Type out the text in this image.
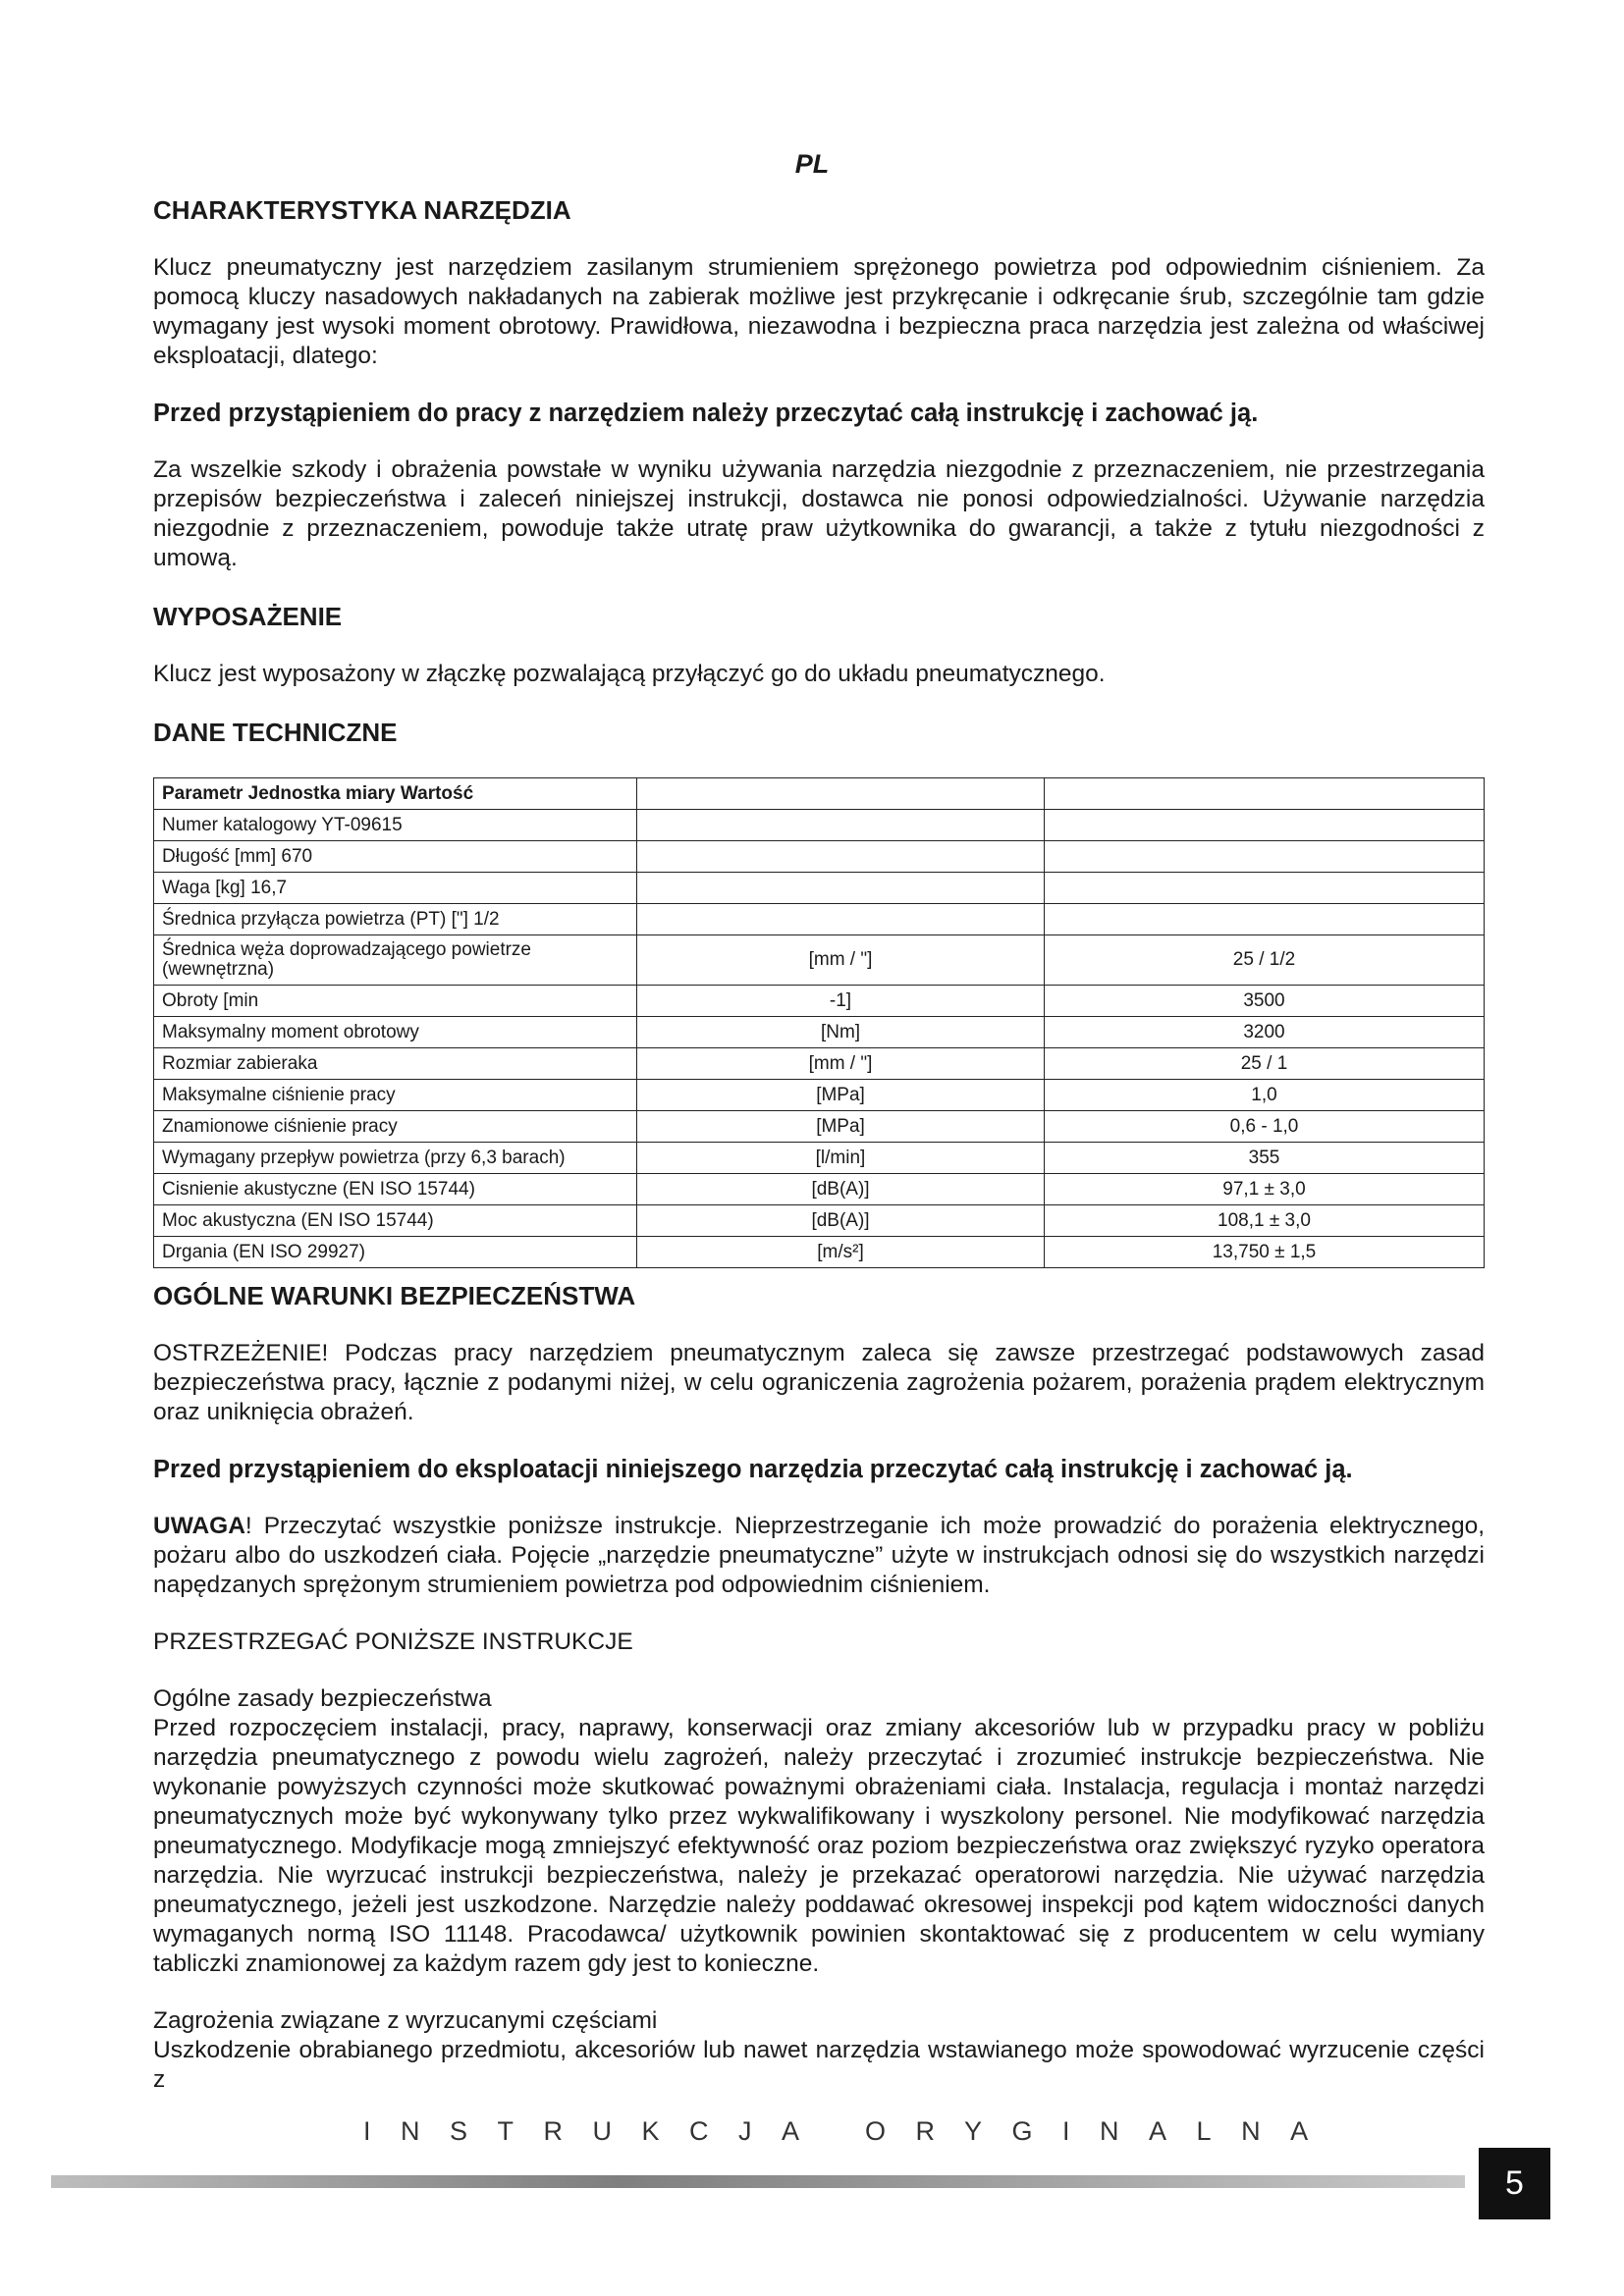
PL

CHARAKTERYSTYKA NARZĘDZIA

Klucz pneumatyczny jest narzędziem zasilanym strumieniem sprężonego powietrza pod odpowiednim ciśnieniem. Za pomocą kluczy nasadowych nakładanych na zabierak możliwe jest przykręcanie i odkręcanie śrub, szczególnie tam gdzie wymagany jest wysoki moment obrotowy. Prawidłowa, niezawodna i bezpieczna praca narzędzia jest zależna od właściwej eksploatacji, dlatego:

Przed przystąpieniem do pracy z narzędziem należy przeczytać całą instrukcję i zachować ją.

Za wszelkie szkody i obrażenia powstałe w wyniku używania narzędzia niezgodnie z przeznaczeniem, nie przestrzegania przepisów bezpieczeństwa i zaleceń niniejszej instrukcji, dostawca nie ponosi odpowiedzialności. Używanie narzędzia niezgodnie z przeznaczeniem, powoduje także utratę praw użytkownika do gwarancji, a także z tytułu niezgodności z umową.

WYPOSAŻENIE

Klucz jest wyposażony w złączkę pozwalającą przyłączyć go do układu pneumatycznego.

DANE TECHNICZNE

Parametr Jednostka miary Wartość		
Numer katalogowy YT-09615		
Długość [mm] 670		
Waga [kg] 16,7		
Średnica przyłącza powietrza (PT) ["] 1/2		
Średnica węża doprowadzającego powietrze (wewnętrzna)	[mm / "]	25 / 1/2
Obroty [min	-1]	3500
Maksymalny moment obrotowy	[Nm]	3200
Rozmiar zabieraka	[mm / "]	25 / 1
Maksymalne ciśnienie pracy	[MPa]	1,0
Znamionowe ciśnienie pracy	[MPa]	0,6 - 1,0
Wymagany przepływ powietrza (przy 6,3 barach)	[l/min]	355
Cisnienie akustyczne (EN ISO 15744)	[dB(A)]	97,1 ± 3,0
Moc akustyczna (EN ISO 15744)	[dB(A)]	108,1 ± 3,0
Drgania (EN ISO 29927)	[m/s²]	13,750 ± 1,5

OGÓLNE WARUNKI BEZPIECZEŃSTWA

OSTRZEŻENIE! Podczas pracy narzędziem pneumatycznym zaleca się zawsze przestrzegać podstawowych zasad bezpieczeństwa pracy, łącznie z podanymi niżej, w celu ograniczenia zagrożenia pożarem, porażenia prądem elektrycznym oraz uniknięcia obrażeń.

Przed przystąpieniem do eksploatacji niniejszego narzędzia przeczytać całą instrukcję i zachować ją.

UWAGA! Przeczytać wszystkie poniższe instrukcje. Nieprzestrzeganie ich może prowadzić do porażenia elektrycznego, pożaru albo do uszkodzeń ciała. Pojęcie „narzędzie pneumatyczne” użyte w instrukcjach odnosi się do wszystkich narzędzi napędzanych sprężonym strumieniem powietrza pod odpowiednim ciśnieniem.

PRZESTRZEGAĆ PONIŻSZE INSTRUKCJE

Ogólne zasady bezpieczeństwa

Przed rozpoczęciem instalacji, pracy, naprawy, konserwacji oraz zmiany akcesoriów lub w przypadku pracy w pobliżu narzędzia pneumatycznego z powodu wielu zagrożeń, należy przeczytać i zrozumieć instrukcje bezpieczeństwa. Nie wykonanie powyższych czynności może skutkować poważnymi obrażeniami ciała. Instalacja, regulacja i montaż narzędzi pneumatycznych może być wykonywany tylko przez wykwalifikowany i wyszkolony personel. Nie modyfikować narzędzia pneumatycznego. Modyfikacje mogą zmniejszyć efektywność oraz poziom bezpieczeństwa oraz zwiększyć ryzyko operatora narzędzia. Nie wyrzucać instrukcji bezpieczeństwa, należy je przekazać operatorowi narzędzia. Nie używać narzędzia pneumatycznego, jeżeli jest uszkodzone. Narzędzie należy poddawać okresowej inspekcji pod kątem widoczności danych wymaganych normą ISO 11148. Pracodawca/ użytkownik powinien skontaktować się z producentem w celu wymiany tabliczki znamionowej za każdym razem gdy jest to konieczne.

Zagrożenia związane z wyrzucanymi częściami

Uszkodzenie obrabianego przedmiotu, akcesoriów lub nawet narzędzia wstawianego może spowodować wyrzucenie części z

INSTRUKCJA ORYGINALNA
5
